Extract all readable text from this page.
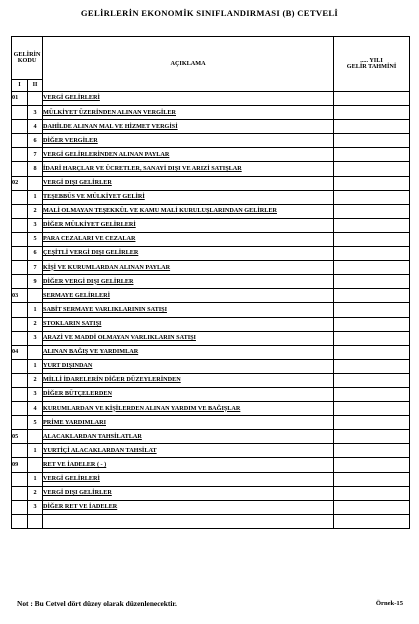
GELİRLERİN EKONOMİK SINIFLANDIRMASI (B) CETVELİ
GELİRİN
KODU		AÇIKLAMA	..... YILI
GELİR TAHMİNİ
I	II		
01		VERGİ GELİRLERİ	
	3	MÜLKİYET ÜZERİNDEN ALINAN VERGİLER	
	4	DAHİLDE ALINAN MAL VE HİZMET VERGİSİ	
	6	DİĞER VERGİLER	
	7	VERGİ GELİRLERİNDEN ALINAN PAYLAR	
	8	İDARİ HARÇLAR VE ÜCRETLER, SANAYİ DIŞI VE ARIZİ SATIŞLAR	
02		VERGİ DIŞI GELİRLER	
	1	TEŞEBBÜS VE MÜLKİYET GELİRİ	
	2	MALİ OLMAYAN TEŞEKKÜL VE KAMU MALİ KURULUŞLARINDAN GELİRLER	
	3	DİĞER MÜLKİYET GELİRLERİ	
	5	PARA CEZALARI VE CEZALAR	
	6	ÇEŞİTLİ VERGİ DIŞI GELİRLER	
	7	KİŞİ VE KURUMLARDAN ALINAN PAYLAR	
	9	DİĞER VERGİ DIŞI GELİRLER	
03		SERMAYE GELİRLERİ	
	1	SABİT SERMAYE VARLIKLARININ SATIŞI	
	2	STOKLARIN SATIŞI	
	3	ARAZİ VE MADDİ OLMAYAN VARLIKLARIN SATIŞI	
04		ALINAN BAĞIŞ VE YARDIMLAR	
	1	YURT DIŞINDAN	
	2	MİLLİ İDARELERİN DİĞER DÜZEYLERİNDEN	
	3	DİĞER BÜTÇELERDEN	
	4	KURUMLARDAN VE KİŞİLERDEN ALINAN YARDIM VE BAĞIŞLAR	
	5	PRİME YARDIMLARI	
05		ALACAKLARDAN TAHSİLATLAR	
	1	YURTİÇİ ALACAKLARDAN TAHSİLAT	
09		RET VE İADELER ( - )	
	1	VERGİ GELİRLERİ	
	2	VERGİ DIŞI GELİRLER	
	3	DİĞER RET VE İADELER	

Not : Bu Cetvel dört düzey olarak düzenlenecektir.	Örnek-15
